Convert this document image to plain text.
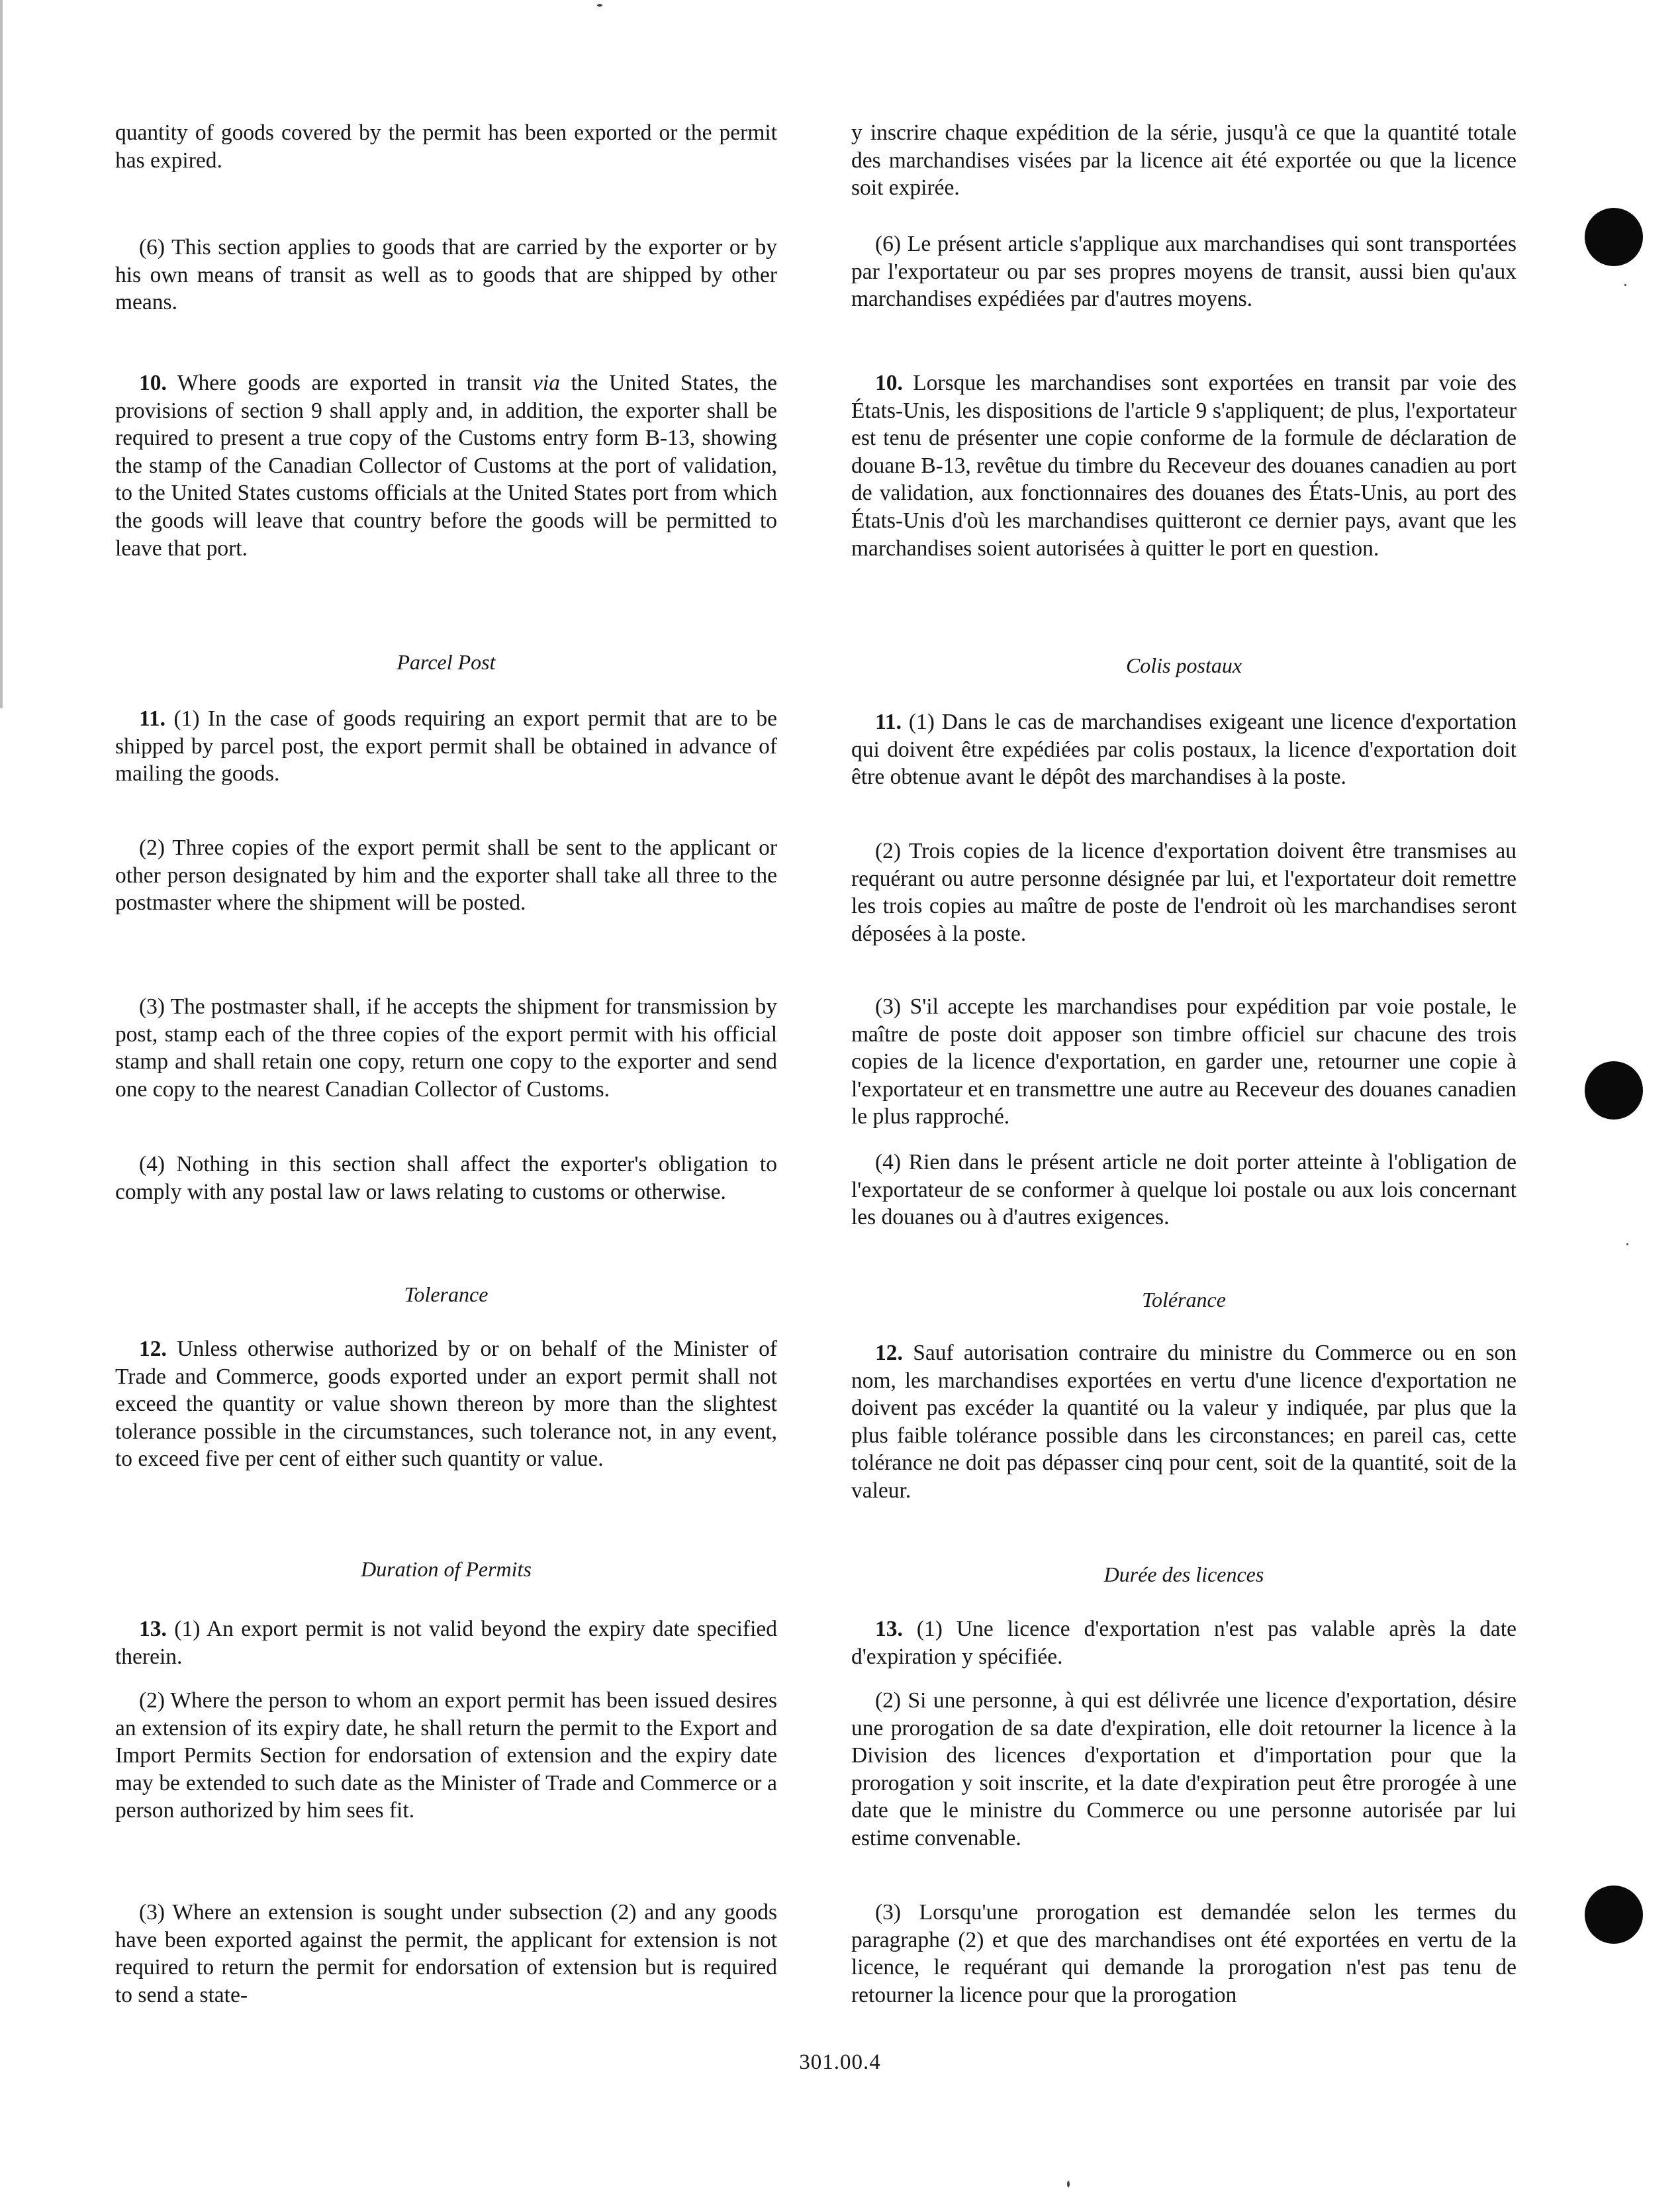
quantity of goods covered by the permit has been exported or the permit has expired.

(6) This section applies to goods that are carried by the exporter or by his own means of transit as well as to goods that are shipped by other means.

10. Where goods are exported in transit via the United States, the provisions of section 9 shall apply and, in addition, the exporter shall be required to present a true copy of the Customs entry form B-13, showing the stamp of the Canadian Collector of Customs at the port of validation, to the United States customs officials at the United States port from which the goods will leave that country before the goods will be permitted to leave that port.

Parcel Post

11. (1) In the case of goods requiring an export permit that are to be shipped by parcel post, the export permit shall be obtained in advance of mailing the goods.

(2) Three copies of the export permit shall be sent to the applicant or other person designated by him and the exporter shall take all three to the postmaster where the shipment will be posted.

(3) The postmaster shall, if he accepts the shipment for transmission by post, stamp each of the three copies of the export permit with his official stamp and shall retain one copy, return one copy to the exporter and send one copy to the nearest Canadian Collector of Customs.

(4) Nothing in this section shall affect the exporter's obligation to comply with any postal law or laws relating to customs or otherwise.

Tolerance

12. Unless otherwise authorized by or on behalf of the Minister of Trade and Commerce, goods exported under an export permit shall not exceed the quantity or value shown thereon by more than the slightest tolerance possible in the circumstances, such tolerance not, in any event, to exceed five per cent of either such quantity or value.

Duration of Permits

13. (1) An export permit is not valid beyond the expiry date specified therein.

(2) Where the person to whom an export permit has been issued desires an extension of its expiry date, he shall return the permit to the Export and Import Permits Section for endorsation of extension and the expiry date may be extended to such date as the Minister of Trade and Commerce or a person authorized by him sees fit.

(3) Where an extension is sought under subsection (2) and any goods have been exported against the permit, the applicant for extension is not required to return the permit for endorsation of extension but is required to send a state-

y inscrire chaque expédition de la série, jusqu'à ce que la quantité totale des marchandises visées par la licence ait été exportée ou que la licence soit expirée.

(6) Le présent article s'applique aux marchandises qui sont transportées par l'exportateur ou par ses propres moyens de transit, aussi bien qu'aux marchandises expédiées par d'autres moyens.

10. Lorsque les marchandises sont exportées en transit par voie des États-Unis, les dispositions de l'article 9 s'appliquent; de plus, l'exportateur est tenu de présenter une copie conforme de la formule de déclaration de douane B-13, revêtue du timbre du Receveur des douanes canadien au port de validation, aux fonctionnaires des douanes des États-Unis, au port des États-Unis d'où les marchandises quitteront ce dernier pays, avant que les marchandises soient autorisées à quitter le port en question.

Colis postaux

11. (1) Dans le cas de marchandises exigeant une licence d'exportation qui doivent être expédiées par colis postaux, la licence d'exportation doit être obtenue avant le dépôt des marchandises à la poste.

(2) Trois copies de la licence d'exportation doivent être transmises au requérant ou autre personne désignée par lui, et l'exportateur doit remettre les trois copies au maître de poste de l'endroit où les marchandises seront déposées à la poste.

(3) S'il accepte les marchandises pour expédition par voie postale, le maître de poste doit apposer son timbre officiel sur chacune des trois copies de la licence d'exportation, en garder une, retourner une copie à l'exportateur et en transmettre une autre au Receveur des douanes canadien le plus rapproché.

(4) Rien dans le présent article ne doit porter atteinte à l'obligation de l'exportateur de se conformer à quelque loi postale ou aux lois concernant les douanes ou à d'autres exigences.

Tolérance

12. Sauf autorisation contraire du ministre du Commerce ou en son nom, les marchandises exportées en vertu d'une licence d'exportation ne doivent pas excéder la quantité ou la valeur y indiquée, par plus que la plus faible tolérance possible dans les circonstances; en pareil cas, cette tolérance ne doit pas dépasser cinq pour cent, soit de la quantité, soit de la valeur.

Durée des licences

13. (1) Une licence d'exportation n'est pas valable après la date d'expiration y spécifiée.

(2) Si une personne, à qui est délivrée une licence d'exportation, désire une prorogation de sa date d'expiration, elle doit retourner la licence à la Division des licences d'exportation et d'importation pour que la prorogation y soit inscrite, et la date d'expiration peut être prorogée à une date que le ministre du Commerce ou une personne autorisée par lui estime convenable.

(3) Lorsqu'une prorogation est demandée selon les termes du paragraphe (2) et que des marchandises ont été exportées en vertu de la licence, le requérant qui demande la prorogation n'est pas tenu de retourner la licence pour que la prorogation

301.00.4
